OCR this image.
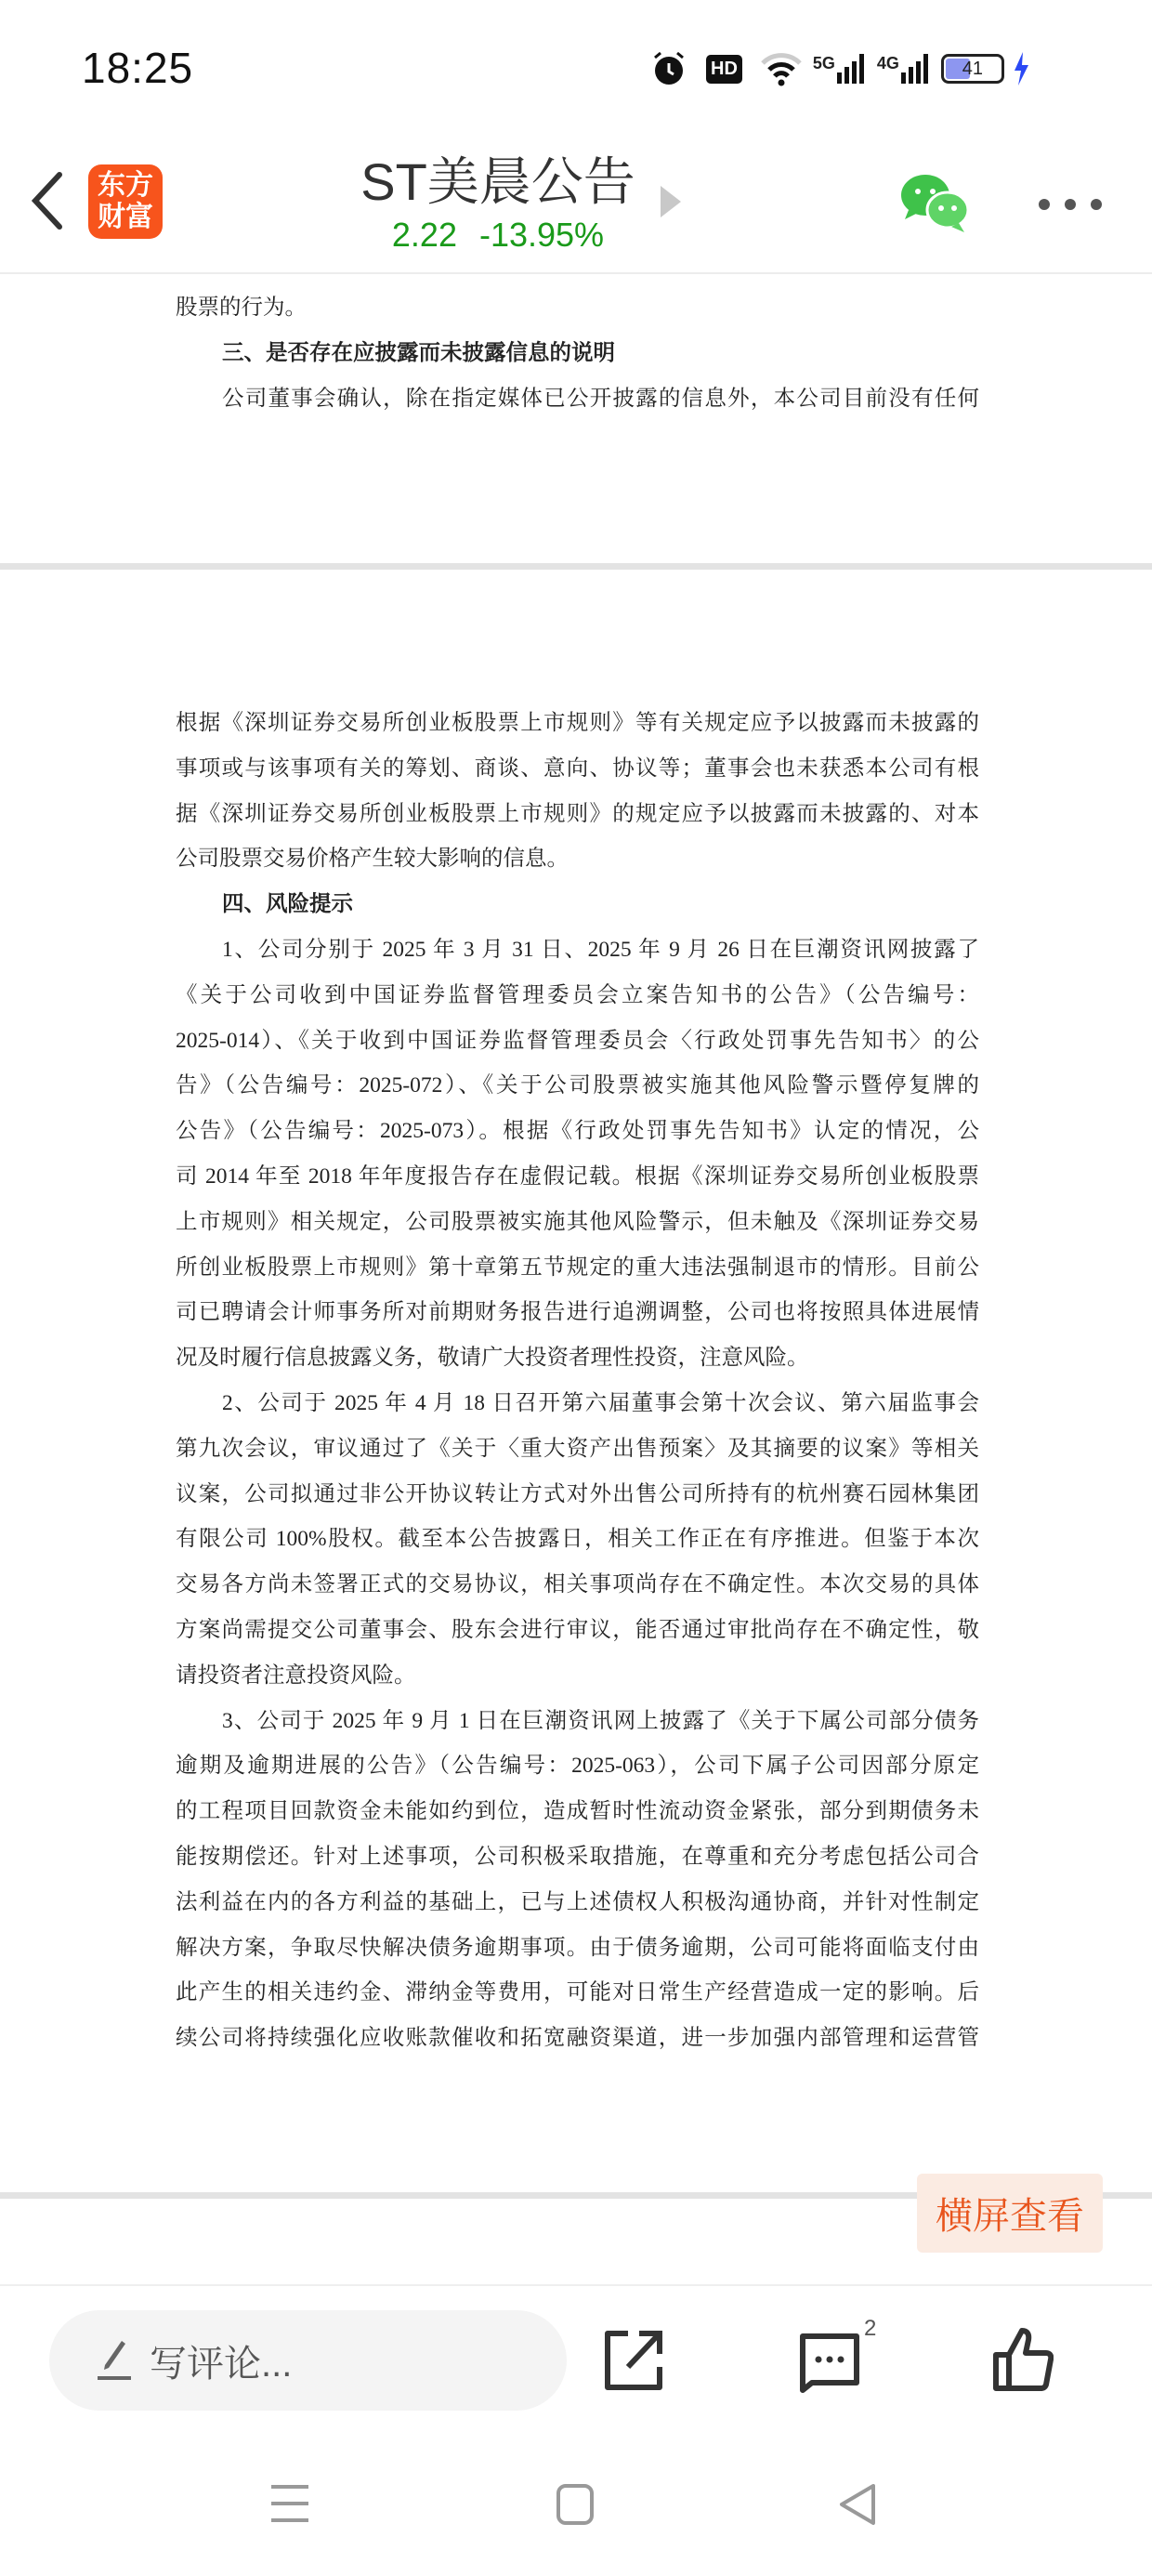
18:25	HD	5G	4G	41
东方
财富
ST美晨公告
2.22 -13.95%
股票的行为。
三、是否存在应披露而未披露信息的说明
公司董事会确认，除在指定媒体已公开披露的信息外，本公司目前没有任何
根据《深圳证券交易所创业板股票上市规则》等有关规定应予以披露而未披露的
事项或与该事项有关的筹划、商谈、意向、协议等；董事会也未获悉本公司有根
据《深圳证券交易所创业板股票上市规则》的规定应予以披露而未披露的、对本
公司股票交易价格产生较大影响的信息。
四、风险提示
1、公司分别于 2025 年 3 月 31 日、2025 年 9 月 26 日在巨潮资讯网披露了
《关于公司收到中国证券监督管理委员会立案告知书的公告》（公告编号：
2025-014）、《关于收到中国证券监督管理委员会〈行政处罚事先告知书〉的公
告》（公告编号：2025-072）、《关于公司股票被实施其他风险警示暨停复牌的
公告》（公告编号：2025-073）。根据《行政处罚事先告知书》认定的情况，公
司 2014 年至 2018 年年度报告存在虚假记载。根据《深圳证券交易所创业板股票
上市规则》相关规定，公司股票被实施其他风险警示，但未触及《深圳证券交易
所创业板股票上市规则》第十章第五节规定的重大违法强制退市的情形。目前公
司已聘请会计师事务所对前期财务报告进行追溯调整，公司也将按照具体进展情
况及时履行信息披露义务，敬请广大投资者理性投资，注意风险。
2、公司于 2025 年 4 月 18 日召开第六届董事会第十次会议、第六届监事会
第九次会议，审议通过了《关于〈重大资产出售预案〉及其摘要的议案》等相关
议案，公司拟通过非公开协议转让方式对外出售公司所持有的杭州赛石园林集团
有限公司 100%股权。截至本公告披露日，相关工作正在有序推进。但鉴于本次
交易各方尚未签署正式的交易协议，相关事项尚存在不确定性。本次交易的具体
方案尚需提交公司董事会、股东会进行审议，能否通过审批尚存在不确定性，敬
请投资者注意投资风险。
3、公司于 2025 年 9 月 1 日在巨潮资讯网上披露了《关于下属公司部分债务
逾期及逾期进展的公告》（公告编号：2025-063），公司下属子公司因部分原定
的工程项目回款资金未能如约到位，造成暂时性流动资金紧张，部分到期债务未
能按期偿还。针对上述事项，公司积极采取措施，在尊重和充分考虑包括公司合
法利益在内的各方利益的基础上，已与上述债权人积极沟通协商，并针对性制定
解决方案，争取尽快解决债务逾期事项。由于债务逾期，公司可能将面临支付由
此产生的相关违约金、滞纳金等费用，可能对日常生产经营造成一定的影响。后
续公司将持续强化应收账款催收和拓宽融资渠道，进一步加强内部管理和运营管
横屏查看
写评论...
2
